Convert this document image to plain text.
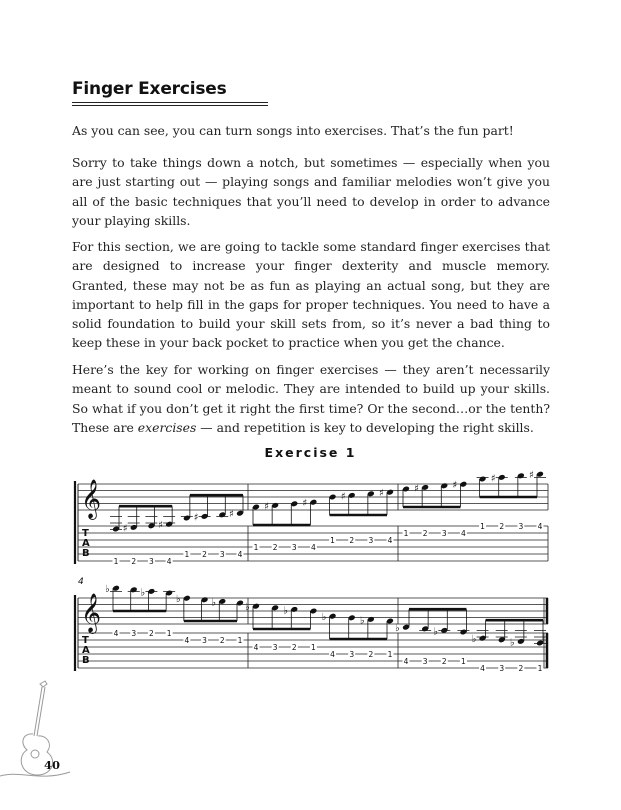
Finger Exercises

As you can see, you can turn songs into exercises. That’s the fun part!

Sorry to take things down a notch, but sometimes — especially when you are just starting out — playing songs and familiar melodies won’t give you all of the basic techniques that you’ll need to develop in order to advance your playing skills.

For this section, we are going to tackle some standard finger exercises that are designed to increase your finger dexterity and muscle memory. Granted, these may not be as fun as playing an actual song, but they are important to help fill in the gaps for proper techniques. You need to have a solid foundation to build your skill sets from, so it’s never a bad thing to keep these in your back pocket to practice when you get the chance.

Here’s the key for working on finger exercises — they aren’t necessarily meant to sound cool or melodic. They are intended to build up your skills. So what if you don’t get it right the first time? Or the second…or the tenth? These are exercises — and repetition is key to developing the right skills.

Exercise 1
𝄞
T
A
B
1
♯
2 3
♯
4
1
♯
2 3
♯
4
1
♯
2 3
♯
4
1
♯
2 3
♯
4
1
♯
2 3
♯
4
1
♯
2 3
♯
4
4
𝄞
T
A
B
♭
4 3
♭
2 1
♭
4 3
♭
2 1
♭
4 3
♭
2 1
♭
4 3
♭
2 1
♭
4 3
♭
2 1
♭
4 3
♭
2 1
40
